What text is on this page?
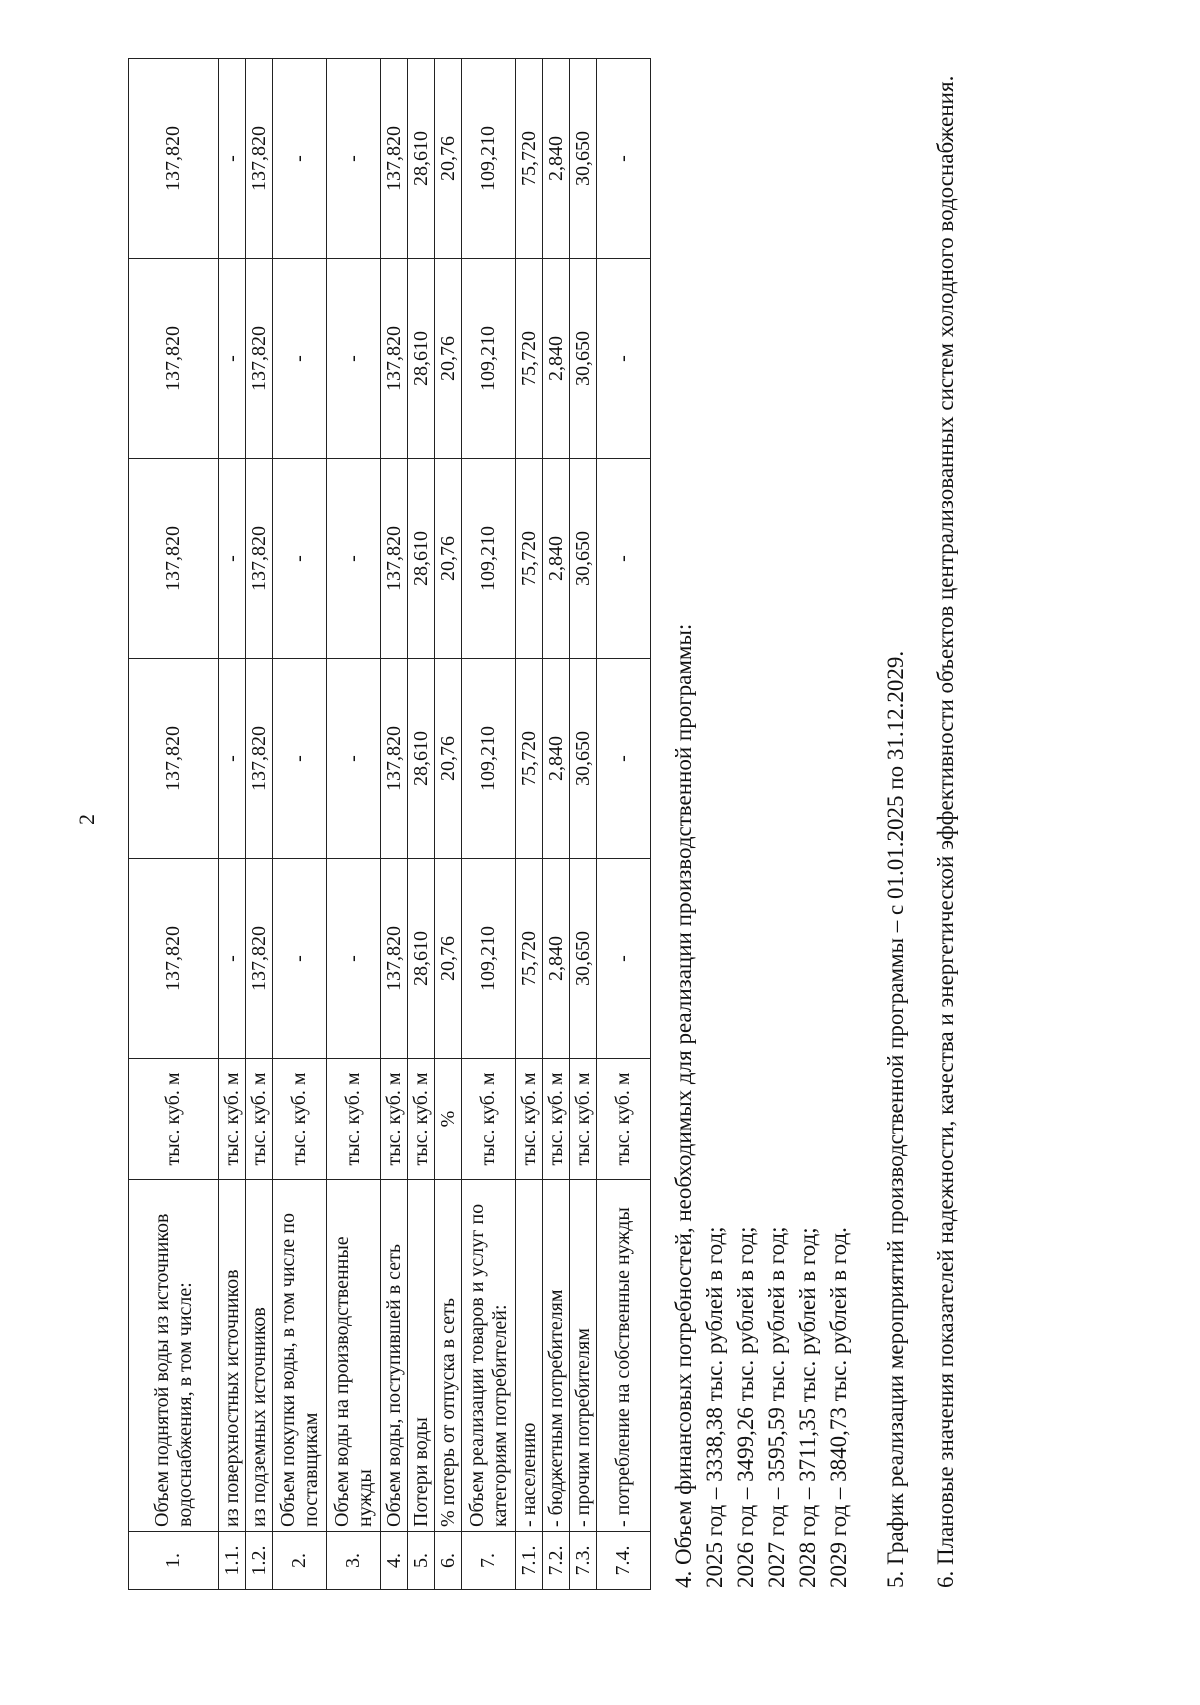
2
1.	Объем поднятой воды из источников водоснабжения, в том числе:	тыс. куб. м	137,820	137,820	137,820	137,820	137,820
1.1.	из поверхностных источников	тыс. куб. м	-	-	-	-	-
1.2.	из подземных источников	тыс. куб. м	137,820	137,820	137,820	137,820	137,820
2.	Объем покупки воды, в том числе по поставщикам	тыс. куб. м	-	-	-	-	-
3.	Объем воды на производственные нужды	тыс. куб. м	-	-	-	-	-
4.	Объем воды, поступившей в сеть	тыс. куб. м	137,820	137,820	137,820	137,820	137,820
5.	Потери воды	тыс. куб. м	28,610	28,610	28,610	28,610	28,610
6.	% потерь от отпуска в сеть	%	20,76	20,76	20,76	20,76	20,76
7.	Объем реализации товаров и услуг по категориям потребителей:	тыс. куб. м	109,210	109,210	109,210	109,210	109,210
7.1.	- населению	тыс. куб. м	75,720	75,720	75,720	75,720	75,720
7.2.	- бюджетным потребителям	тыс. куб. м	2,840	2,840	2,840	2,840	2,840
7.3.	- прочим потребителям	тыс. куб. м	30,650	30,650	30,650	30,650	30,650
7.4.	- потребление на собственные нужды	тыс. куб. м	-	-	-	-	-
4. Объем финансовых потребностей, необходимых для реализации производственной программы: 2025 год – 3338,38 тыс. рублей в год; 2026 год – 3499,26 тыс. рублей в год; 2027 год – 3595,59 тыс. рублей в год; 2028 год – 3711,35 тыс. рублей в год; 2029 год – 3840,73 тыс. рублей в год. 5. График реализации мероприятий производственной программы – с 01.01.2025 по 31.12.2029. 6. Плановые значения показателей надежности, качества и энергетической эффективности объектов централизованных систем холодного водоснабжения.
